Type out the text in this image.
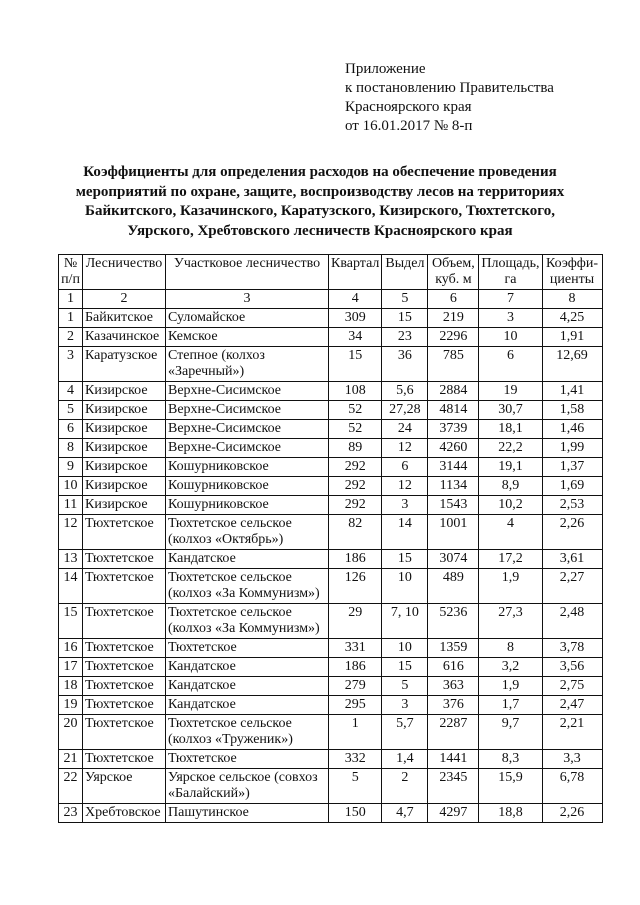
Приложение
к постановлению Правительства
Красноярского края
от 16.01.2017 № 8-п
Коэффициенты для определения расходов на обеспечение проведения
мероприятий по охране, защите, воспроизводству лесов на территориях
Байкитского, Казачинского, Каратузского, Кизирского, Тюхтетского,
Уярского, Хребтовского лесничеств Красноярского края
№ п/п	Лесничество	Участковое лесничество	Квартал	Выдел	Объем, куб. м	Площадь, га	Коэффи-циенты
1	2	3	4	5	6	7	8
1	Байкитское	Суломайское	309	15	219	3	4,25
2	Казачинское	Кемское	34	23	2296	10	1,91
3	Каратузское	Степное (колхоз «Заречный»)	15	36	785	6	12,69
4	Кизирское	Верхне-Сисимское	108	5,6	2884	19	1,41
5	Кизирское	Верхне-Сисимское	52	27,28	4814	30,7	1,58
6	Кизирское	Верхне-Сисимское	52	24	3739	18,1	1,46
8	Кизирское	Верхне-Сисимское	89	12	4260	22,2	1,99
9	Кизирское	Кошурниковское	292	6	3144	19,1	1,37
10	Кизирское	Кошурниковское	292	12	1134	8,9	1,69
11	Кизирское	Кошурниковское	292	3	1543	10,2	2,53
12	Тюхтетское	Тюхтетское сельское (колхоз «Октябрь»)	82	14	1001	4	2,26
13	Тюхтетское	Кандатское	186	15	3074	17,2	3,61
14	Тюхтетское	Тюхтетское сельское (колхоз «За Коммунизм»)	126	10	489	1,9	2,27
15	Тюхтетское	Тюхтетское сельское (колхоз «За Коммунизм»)	29	7, 10	5236	27,3	2,48
16	Тюхтетское	Тюхтетское	331	10	1359	8	3,78
17	Тюхтетское	Кандатское	186	15	616	3,2	3,56
18	Тюхтетское	Кандатское	279	5	363	1,9	2,75
19	Тюхтетское	Кандатское	295	3	376	1,7	2,47
20	Тюхтетское	Тюхтетское сельское (колхоз «Труженик»)	1	5,7	2287	9,7	2,21
21	Тюхтетское	Тюхтетское	332	1,4	1441	8,3	3,3
22	Уярское	Уярское сельское (совхоз «Балайский»)	5	2	2345	15,9	6,78
23	Хребтовское	Пашутинское	150	4,7	4297	18,8	2,26
